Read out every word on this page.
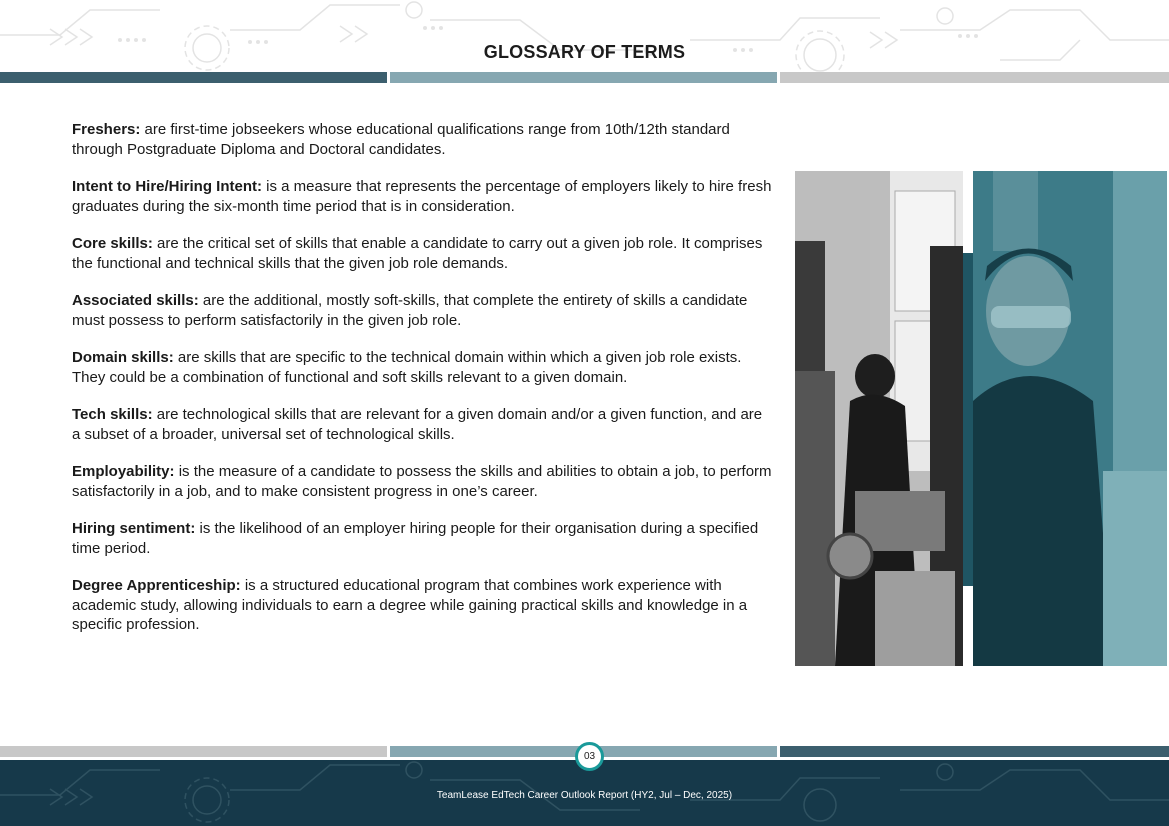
GLOSSARY OF TERMS

Freshers: are first-time jobseekers whose educational qualifications range from 10th/12th standard through Postgraduate Diploma and Doctoral candidates.

Intent to Hire/Hiring Intent: is a measure that represents the percentage of employers likely to hire fresh graduates during the six-month time period that is in consideration.

Core skills: are the critical set of skills that enable a candidate to carry out a given job role. It comprises the functional and technical skills that the given job role demands.

Associated skills: are the additional, mostly soft-skills, that complete the entirety of skills a candidate must possess to perform satisfactorily in the given job role.

Domain skills: are skills that are specific to the technical domain within which a given job role exists. They could be a combination of functional and soft skills relevant to a given domain.

Tech skills: are technological skills that are relevant for a given domain and/or a given function, and are a subset of a broader, universal set of technological skills.

Employability: is the measure of a candidate to possess the skills and abilities to obtain a job, to perform satisfactorily in a job, and to make consistent progress in one’s career.

Hiring sentiment: is the likelihood of an employer hiring people for their organisation during a specified time period.

Degree Apprenticeship: is a structured educational program that combines work experience with academic study, allowing individuals to earn a degree while gaining practical skills and knowledge in a specific profession.

03
TeamLease EdTech Career Outlook Report (HY2, Jul – Dec, 2025)
